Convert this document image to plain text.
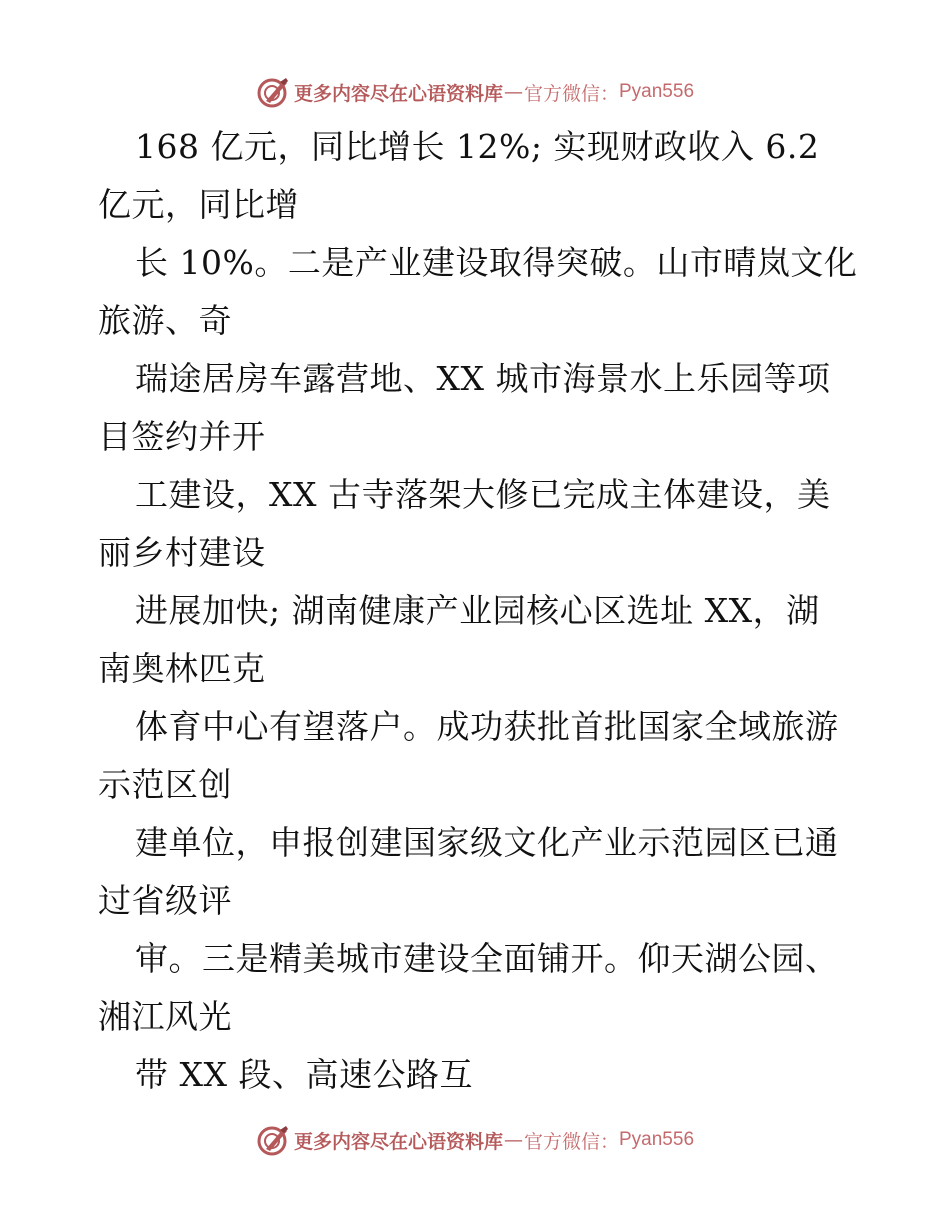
更多内容尽在心语资料库 — 官方微信： Pyan556
168 亿元，同比增长 12%; 实现财政收入 6.2
亿元，同比增
长 10%。二是产业建设取得突破。山市晴岚文化
旅游、奇
瑞途居房车露营地、XX 城市海景水上乐园等项
目签约并开
工建设，XX 古寺落架大修已完成主体建设，美
丽乡村建设
进展加快; 湖南健康产业园核心区选址 XX，湖
南奥林匹克
体育中心有望落户。成功获批首批国家全域旅游
示范区创
建单位，申报创建国家级文化产业示范园区已通
过省级评
审。三是精美城市建设全面铺开。仰天湖公园、
湘江风光
带 XX 段、高速公路互
更多内容尽在心语资料库 — 官方微信： Pyan556
